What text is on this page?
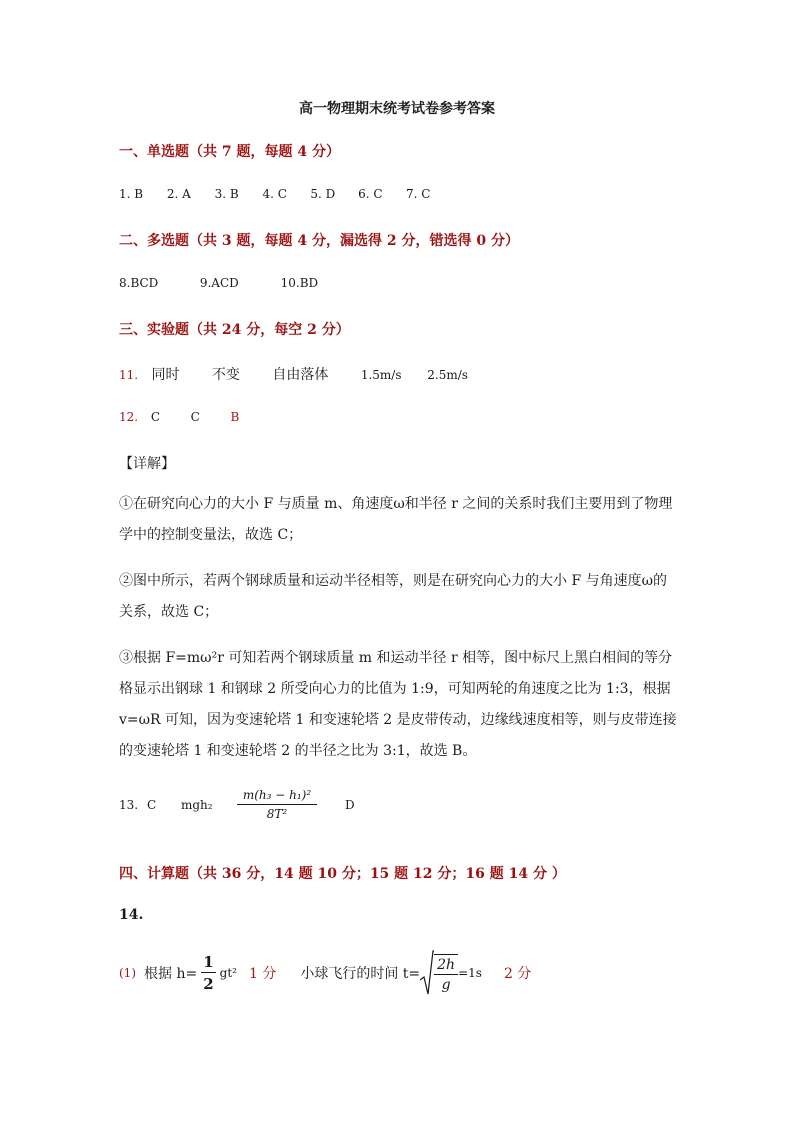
高一物理期末统考试卷参考答案
一、单选题（共 7 题，每题 4 分）
1. B 2. A 3. B 4. C 5. D 6. C 7. C
二、多选题（共 3 题，每题 4 分，漏选得 2 分，错选得 0 分）
8.BCD	9.ACD	10.BD
三、实验题（共 24 分，每空 2 分）
11. 同时 不变 自由落体	1.5m/s 2.5m/s
12. C	C	B
【详解】
①在研究向心力的大小 F 与质量 m、角速度ω和半径 r 之间的关系时我们主要用到了物理学中的控制变量法，故选 C；
②图中所示，若两个钢球质量和运动半径相等，则是在研究向心力的大小 F 与角速度ω的关系，故选 C；
③根据 F=mω²r 可知若两个钢球质量 m 和运动半径 r 相等，图中标尺上黑白相间的等分格显示出钢球 1 和钢球 2 所受向心力的比值为 1:9，可知两轮的角速度之比为 1:3，根据 v=ωR 可知，因为变速轮塔 1 和变速轮塔 2 是皮带传动，边缘线速度相等，则与皮带连接的变速轮塔 1 和变速轮塔 2 的半径之比为 3:1，故选 B。
13. C	mgh₂	$\frac{\text{m(h₃ − h₁)²}}{\text{8T²}}$ D
四、计算题（共 36 分，14 题 10 分；15 题 12 分；16 题 14 分 ）
14.
(1) 根据 $h= \frac{1}{2} gt^2$ 1 分 小球飞行的时间 $t= \frac{2h}{g} =1s$ 2 分
